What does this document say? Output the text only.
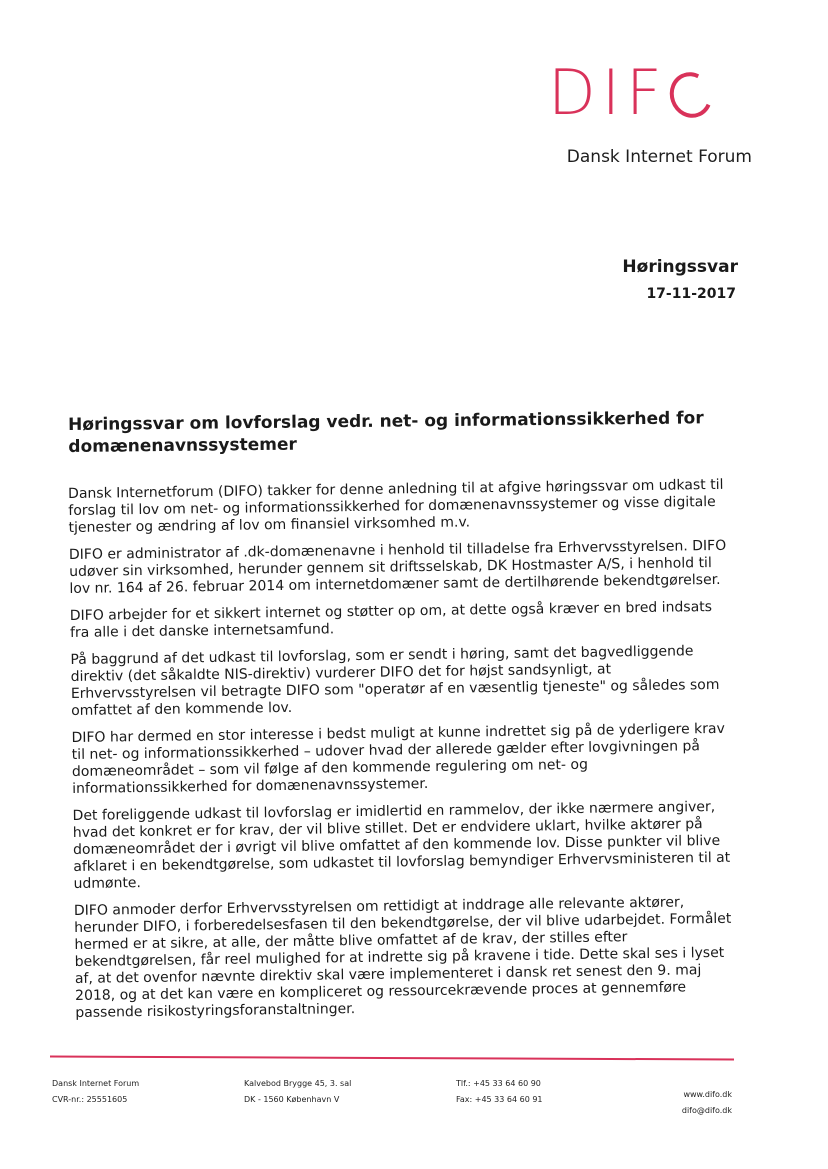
DIF
Dansk Internet Forum
Høringssvar
17-11-2017
Høringssvar om lovforslag vedr. net- og informationssikkerhed for domænenavnssystemer

Dansk Internetforum (DIFO) takker for denne anledning til at afgive høringssvar om udkast til forslag til lov om net- og informationssikkerhed for domænenavnssystemer og visse digitale tjenester og ændring af lov om finansiel virksomhed m.v.

DIFO er administrator af .dk-domænenavne i henhold til tilladelse fra Erhvervsstyrelsen. DIFO udøver sin virksomhed, herunder gennem sit driftsselskab, DK Hostmaster A/S, i henhold til lov nr. 164 af 26. februar 2014 om internetdomæner samt de dertilhørende bekendtgørelser.

DIFO arbejder for et sikkert internet og støtter op om, at dette også kræver en bred indsats fra alle i det danske internetsamfund.

På baggrund af det udkast til lovforslag, som er sendt i høring, samt det bagvedliggende direktiv (det såkaldte NIS-direktiv) vurderer DIFO det for højst sandsynligt, at Erhvervsstyrelsen vil betragte DIFO som "operatør af en væsentlig tjeneste" og således som omfattet af den kommende lov.

DIFO har dermed en stor interesse i bedst muligt at kunne indrettet sig på de yderligere krav til net- og informationssikkerhed – udover hvad der allerede gælder efter lovgivningen på domæneområdet – som vil følge af den kommende regulering om net- og informationssikkerhed for domænenavnssystemer.

Det foreliggende udkast til lovforslag er imidlertid en rammelov, der ikke nærmere angiver, hvad det konkret er for krav, der vil blive stillet. Det er endvidere uklart, hvilke aktører på domæneområdet der i øvrigt vil blive omfattet af den kommende lov. Disse punkter vil blive afklaret i en bekendtgørelse, som udkastet til lovforslag bemyndiger Erhvervsministeren til at udmønte.

DIFO anmoder derfor Erhvervsstyrelsen om rettidigt at inddrage alle relevante aktører, herunder DIFO, i forberedelsesfasen til den bekendtgørelse, der vil blive udarbejdet. Formålet hermed er at sikre, at alle, der måtte blive omfattet af de krav, der stilles efter bekendtgørelsen, får reel mulighed for at indrette sig på kravene i tide. Dette skal ses i lyset af, at det ovenfor nævnte direktiv skal være implementeret i dansk ret senest den 9. maj 2018, og at det kan være en kompliceret og ressourcekrævende proces at gennemføre passende risikostyringsforanstaltninger.

Dansk Internet Forum
CVR-nr.: 25551605
Kalvebod Brygge 45, 3. sal
DK - 1560 København V
Tlf.: +45 33 64 60 90
Fax: +45 33 64 60 91
www.difo.dk
difo@difo.dk
